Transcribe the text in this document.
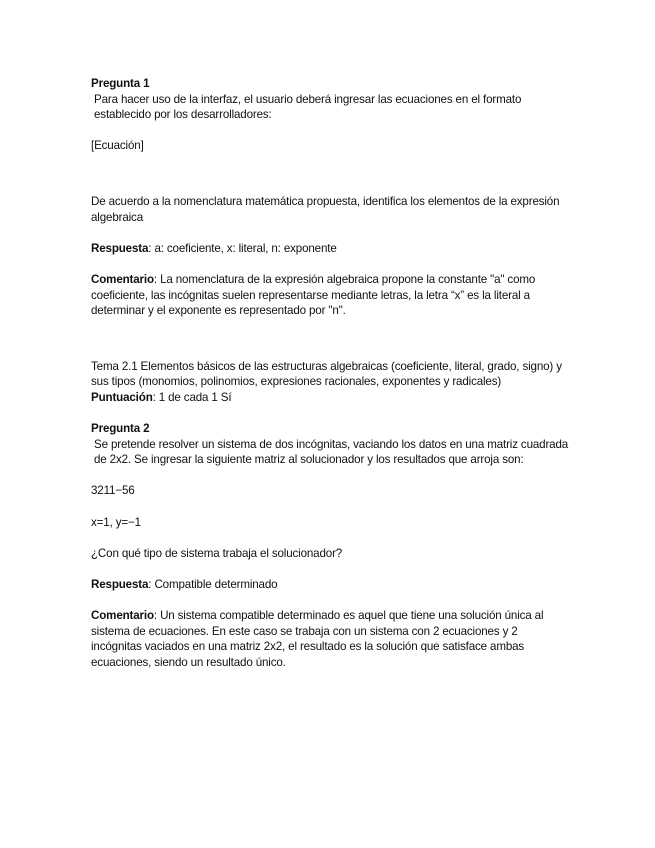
Pregunta 1

Para hacer uso de la interfaz, el usuario deberá ingresar las ecuaciones en el formato establecido por los desarrolladores:

[Ecuación]

De acuerdo a la nomenclatura matemática propuesta, identifica los elementos de la expresión algebraica

Respuesta: a: coeficiente, x: literal, n: exponente

Comentario: La nomenclatura de la expresión algebraica propone la constante "a" como coeficiente, las incógnitas suelen representarse mediante letras, la letra “x” es la literal a determinar y el exponente es representado por "n".

Tema 2.1 Elementos básicos de las estructuras algebraicas (coeficiente, literal, grado, signo) y sus tipos (monomios, polinomios, expresiones racionales, exponentes y radicales)

Puntuación: 1 de cada 1 Sí

Pregunta 2

Se pretende resolver un sistema de dos incógnitas, vaciando los datos en una matriz cuadrada de 2x2. Se ingresar la siguiente matriz al solucionador y los resultados que arroja son:

3211−56

x=1, y=−1

¿Con qué tipo de sistema trabaja el solucionador?

Respuesta: Compatible determinado

Comentario: Un sistema compatible determinado es aquel que tiene una solución única al sistema de ecuaciones. En este caso se trabaja con un sistema con 2 ecuaciones y 2 incógnitas vaciados en una matriz 2x2, el resultado es la solución que satisface ambas ecuaciones, siendo un resultado único.
